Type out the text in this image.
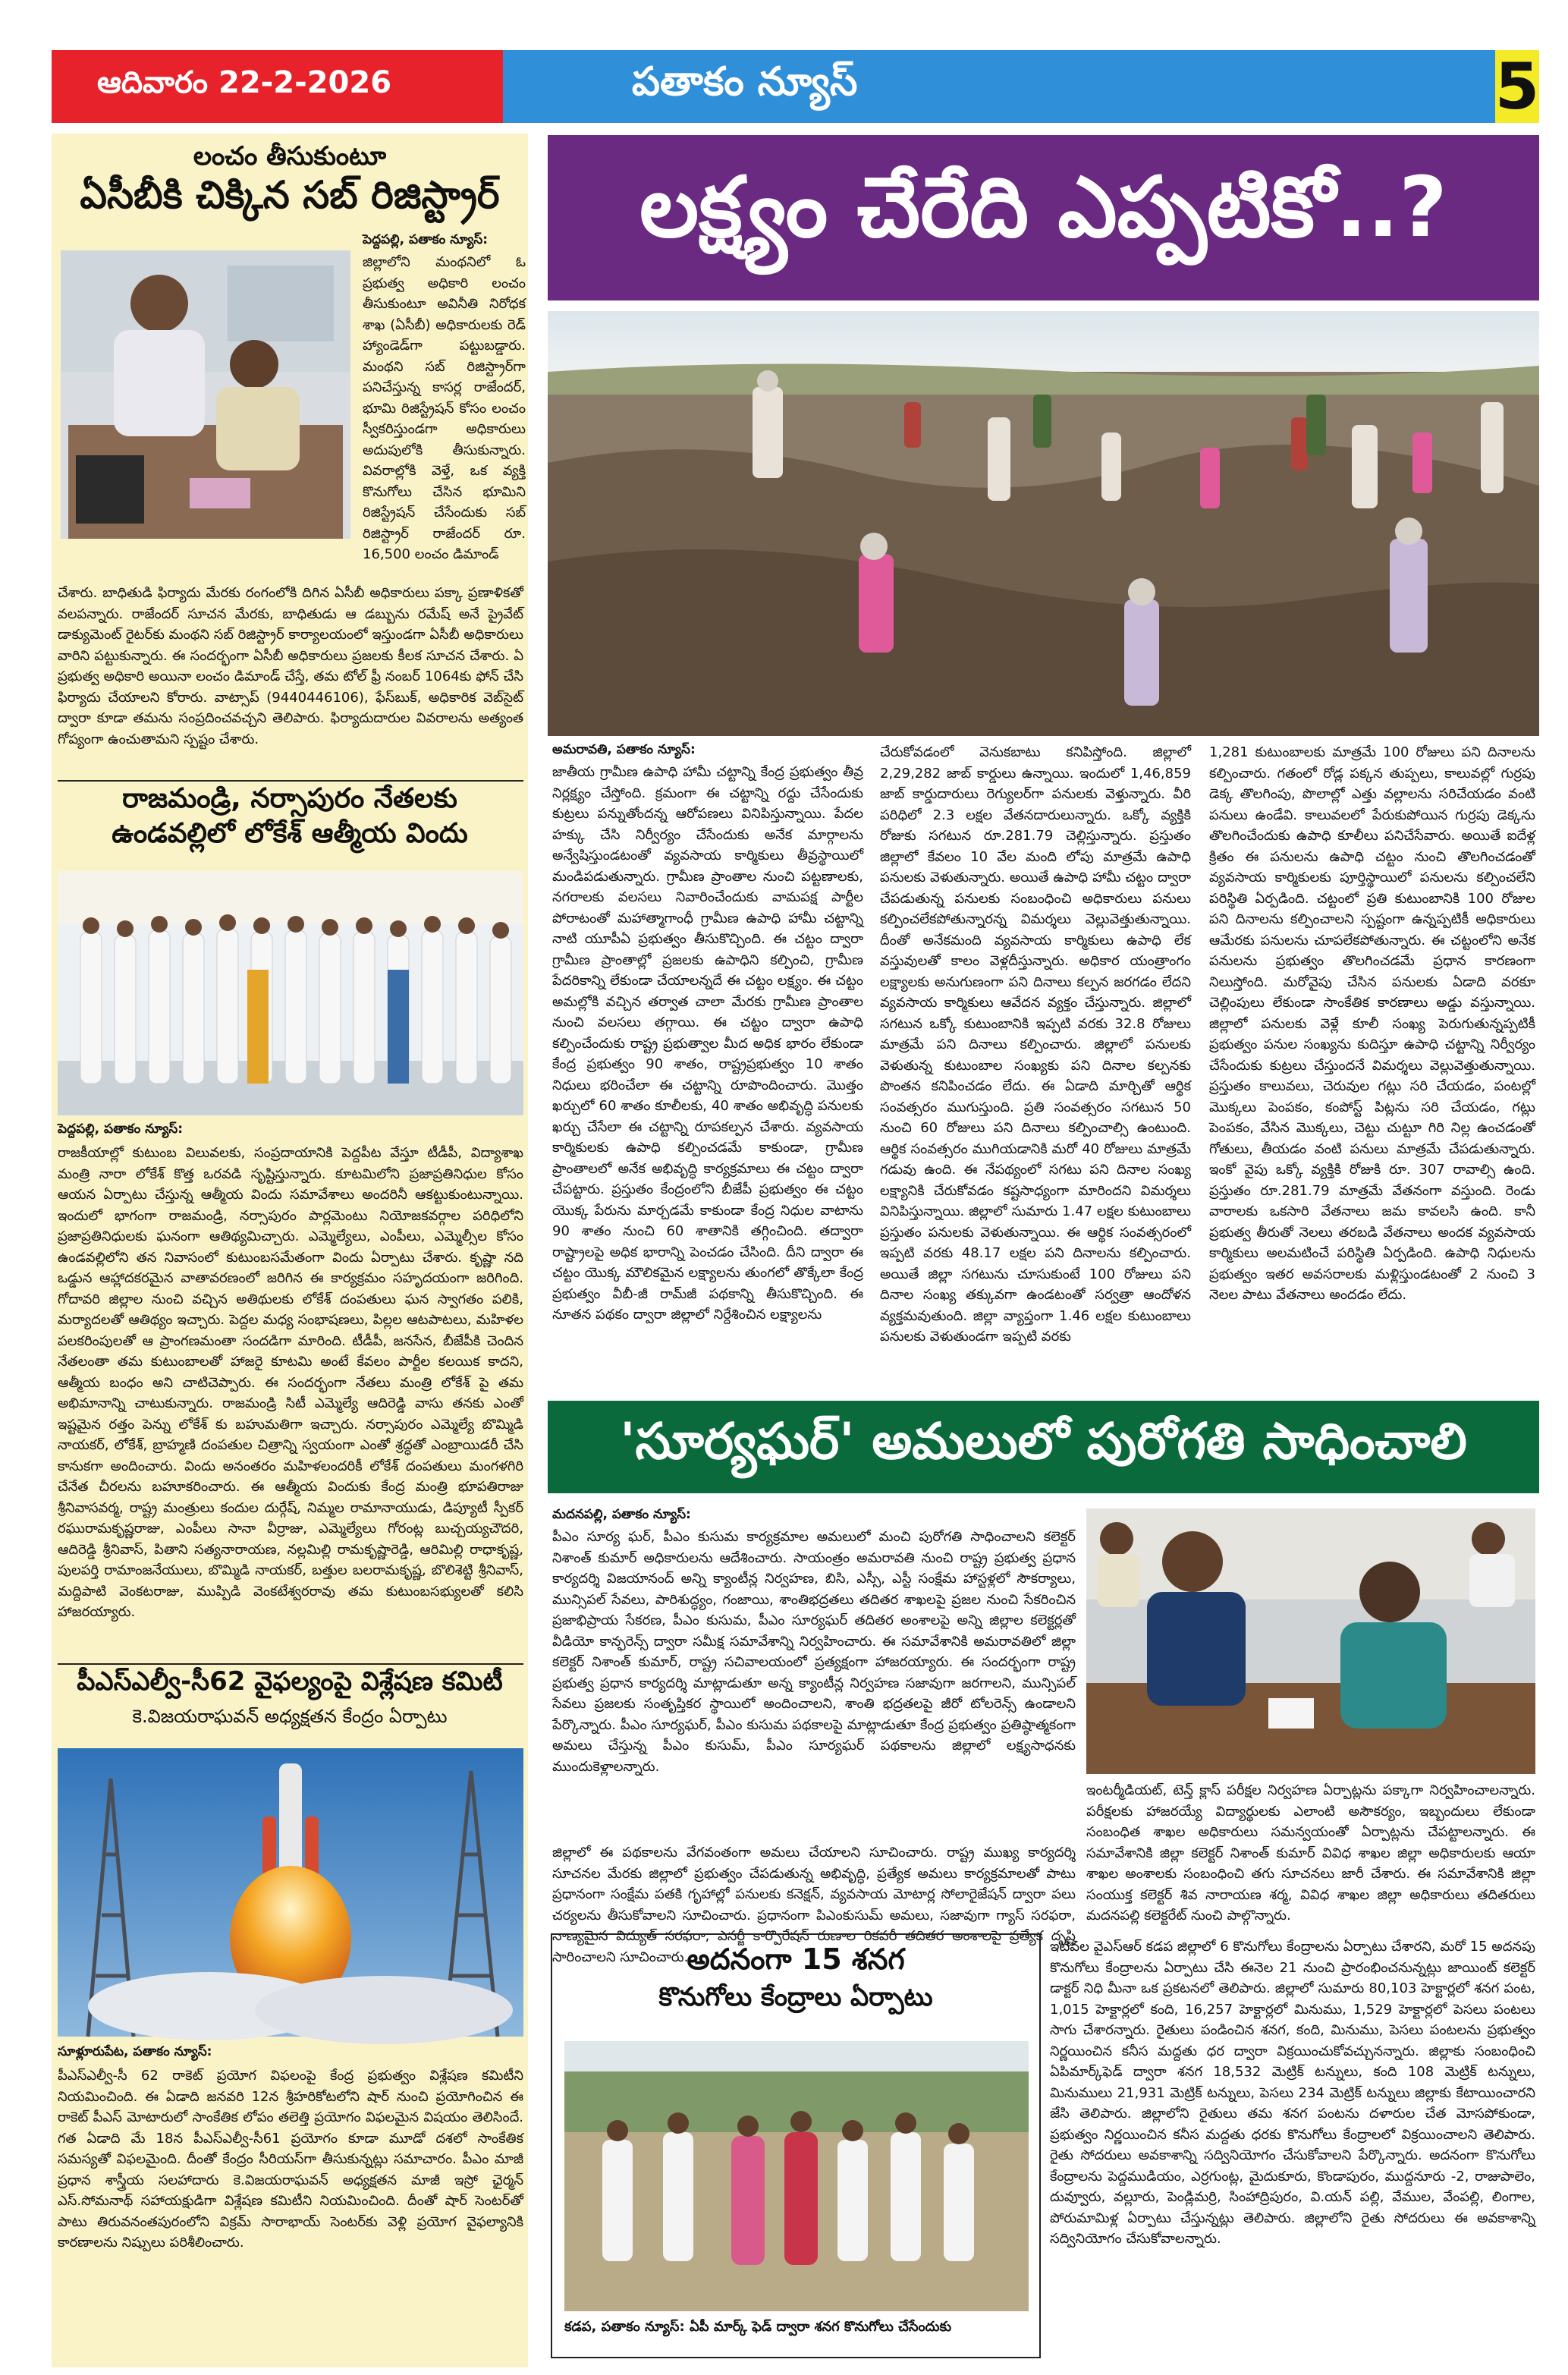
ఆదివారం 22-2-2026	పతాకం న్యూస్	5
లంచం తీసుకుంటూ
ఏసీబీకి చిక్కిన సబ్ రిజిస్ట్రార్
పెద్దపల్లి, పతాకం న్యూస్:
జిల్లాలోని మంథనిలో ఓ ప్రభుత్వ అధికారి లంచం తీసుకుంటూ అవినీతి నిరోధక శాఖ (ఏసీబీ) అధికారులకు రెడ్ హ్యాండెడ్‌గా పట్టుబడ్డారు. మంథని సబ్ రిజిస్ట్రార్‌గా పనిచేస్తున్న కాసర్ల రాజేందర్, భూమి రిజిస్ట్రేషన్ కోసం లంచం స్వీకరిస్తుండగా అధికారులు అదుపులోకి తీసుకున్నారు. వివరాల్లోకి వెళ్తే, ఒక వ్యక్తి కొనుగోలు చేసిన భూమిని రిజిస్ట్రేషన్ చేసేందుకు సబ్ రిజిస్ట్రార్ రాజేందర్ రూ. 16,500 లంచం డిమాండ్
చేశారు. బాధితుడి ఫిర్యాదు మేరకు రంగంలోకి దిగిన ఏసీబీ అధికారులు పక్కా ప్రణాళికతో వలపన్నారు. రాజేందర్ సూచన మేరకు, బాధితుడు ఆ డబ్బును రమేష్ అనే ప్రైవేట్ డాక్యుమెంట్ రైటర్‌కు మంథని సబ్ రిజిస్ట్రార్ కార్యాలయంలో ఇస్తుండగా ఏసీబీ అధికారులు వారిని పట్టుకున్నారు. ఈ సందర్భంగా ఏసీబీ అధికారులు ప్రజలకు కీలక సూచన చేశారు. ఏ ప్రభుత్వ అధికారి అయినా లంచం డిమాండ్ చేస్తే, తమ టోల్ ఫ్రీ నంబర్ 1064కు ఫోన్ చేసి ఫిర్యాదు చేయాలని కోరారు. వాట్సాప్ (9440446106), ఫేస్‌బుక్, అధికారిక వెబ్‌సైట్ ద్వారా కూడా తమను సంప్రదించవచ్చని తెలిపారు. ఫిర్యాదుదారుల వివరాలను అత్యంత గోప్యంగా ఉంచుతామని స్పష్టం చేశారు.
రాజమండ్రి, నర్సాపురం నేతలకు
ఉండవల్లిలో లోకేశ్ ఆత్మీయ విందు
పెద్దపల్లి, పతాకం న్యూస్:
రాజకీయాల్లో కుటుంబ విలువలకు, సంప్రదాయానికి పెద్దపీట వేస్తూ టీడీపీ, విద్యాశాఖ మంత్రి నారా లోకేశ్ కొత్త ఒరవడి సృష్టిస్తున్నారు. కూటమిలోని ప్రజాప్రతినిధుల కోసం ఆయన ఏర్పాటు చేస్తున్న ఆత్మీయ విందు సమావేశాలు అందరినీ ఆకట్టుకుంటున్నాయి. ఇందులో భాగంగా రాజమండ్రి, నర్సాపురం పార్లమెంటు నియోజకవర్గాల పరిధిలోని ప్రజాప్రతినిధులకు ఘనంగా ఆతిథ్యమిచ్చారు. ఎమ్మెల్యేలు, ఎంపీలు, ఎమ్మెల్సీల కోసం ఉండవల్లిలోని తన నివాసంలో కుటుంబసమేతంగా విందు ఏర్పాటు చేశారు. కృష్ణా నది ఒడ్డున ఆహ్లాదకరమైన వాతావరణంలో జరిగిన ఈ కార్యక్రమం సహృదయంగా జరిగింది. గోదావరి జిల్లాల నుంచి వచ్చిన అతిథులకు లోకేశ్ దంపతులు ఘన స్వాగతం పలికి, మర్యాదలతో ఆతిథ్యం ఇచ్చారు. పెద్దల మధ్య సంభాషణలు, పిల్లల ఆటపాటలు, మహిళల పలకరింపులతో ఆ ప్రాంగణమంతా సందడిగా మారింది. టీడీపీ, జనసేన, బీజేపీకి చెందిన నేతలంతా తమ కుటుంబాలతో హాజరై కూటమి అంటే కేవలం పార్టీల కలయిక కాదని, ఆత్మీయ బంధం అని చాటిచెప్పారు. ఈ సందర్భంగా నేతలు మంత్రి లోకేశ్ పై తమ అభిమానాన్ని చాటుకున్నారు. రాజమండ్రి సిటీ ఎమ్మెల్యే ఆదిరెడ్డి వాసు తనకు ఎంతో ఇష్టమైన రత్తం పెన్ను లోకేశ్ కు బహుమతిగా ఇచ్చారు. నర్సాపురం ఎమ్మెల్యే బొమ్మిడి నాయకర్, లోకేశ్, బ్రాహ్మణి దంపతుల చిత్రాన్ని స్వయంగా ఎంతో శ్రద్ధతో ఎంబ్రాయిడరీ చేసి కానుకగా అందించారు. విందు అనంతరం మహిళలందరికీ లోకేశ్ దంపతులు మంగళగిరి చేనేత చీరలను బహూకరించారు. ఈ ఆత్మీయ విందుకు కేంద్ర మంత్రి భూపతిరాజు శ్రీనివాసవర్మ, రాష్ట్ర మంత్రులు కందుల దుర్గేష్, నిమ్మల రామానాయుడు, డిప్యూటీ స్పీకర్ రఘురామకృష్ణరాజు, ఎంపీలు సానా వీర్రాజు, ఎమ్మెల్యేలు గోరంట్ల బుచ్చయ్యచౌదరి, ఆదిరెడ్డి శ్రీనివాస్, పితాని సత్యనారాయణ, నల్లమిల్లి రామకృష్ణారెడ్డి, ఆరిమిల్లి రాధాకృష్ణ, పులపర్తి రామాంజనేయులు, బొమ్మిడి నాయకర్, బత్తుల బలరామకృష్ణ, బొలిశెట్టి శ్రీనివాస్, మద్దిపాటి వెంకటరాజు, ముప్పిడి వెంకటేశ్వరరావు తమ కుటుంబసభ్యులతో కలిసి హాజరయ్యారు.
పీఎస్ఎల్వీ-సీ62 వైఫల్యంపై విశ్లేషణ కమిటీ
కె.విజయరాఘవన్ అధ్యక్షతన కేంద్రం ఏర్పాటు
సూళ్లూరుపేట, పతాకం న్యూస్:
పీఎస్ఎల్వీ-సీ 62 రాకెట్ ప్రయోగ విఫలంపై కేంద్ర ప్రభుత్వం విశ్లేషణ కమిటీని నియమించింది. ఈ ఏడాది జనవరి 12న శ్రీహరికోటలోని షార్ నుంచి ప్రయోగించిన ఈ రాకెట్ పీఎస్ మోటారులో సాంకేతిక లోపం తలెత్తి ప్రయోగం విఫలమైన విషయం తెలిసిందే. గత ఏడాది మే 18న పీఎస్ఎల్వీ-సీ61 ప్రయోగం కూడా మూడో దశలో సాంకేతిక సమస్యతో విఫలమైంది. దీంతో కేంద్రం సీరియస్‌గా తీసుకున్నట్లు సమాచారం. పీఎం మాజీ ప్రధాన శాస్త్రీయ సలహాదారు కె.విజయరాఘవన్ అధ్యక్షతన మాజీ ఇస్రో ఛైర్మన్ ఎస్.సోమనాథ్ సహాయక్షుడిగా విశ్లేషణ కమిటీని నియమించింది. దీంతో షార్ సెంటర్‌తో పాటు తిరువనంతపురంలోని విక్రమ్ సారాభాయ్ సెంటర్‌కు వెళ్లి ప్రయోగ వైఫల్యానికి కారణాలను నిష్పులు పరిశీలించారు.
లక్ష్యం చేరేది ఎప్పటికో..?
అమరావతి, పతాకం న్యూస్:
జాతీయ గ్రామీణ ఉపాధి హామీ చట్టాన్ని కేంద్ర ప్రభుత్వం తీవ్ర నిర్లక్ష్యం చేస్తోంది. క్రమంగా ఈ చట్టాన్ని రద్దు చేసేందుకు కుట్రలు పన్నుతోందన్న ఆరోపణలు వినిపిస్తున్నాయి. పేదల హక్కు చేసి నిర్వీర్యం చేసేందుకు అనేక మార్గాలను అన్వేషిస్తుండటంతో వ్యవసాయ కార్మికులు తీవ్రస్థాయిలో మండిపడుతున్నారు. గ్రామీణ ప్రాంతాల నుంచి పట్టణాలకు, నగరాలకు వలసలు నివారించేందుకు వామపక్ష పార్టీల పోరాటంతో మహాత్మాగాంధీ గ్రామీణ ఉపాధి హామీ చట్టాన్ని నాటి యూపీఏ ప్రభుత్వం తీసుకొచ్చింది. ఈ చట్టం ద్వారా గ్రామీణ ప్రాంతాల్లో ప్రజలకు ఉపాధిని కల్పించి, గ్రామీణ పేదరికాన్ని లేకుండా చేయాలన్నదే ఈ చట్టం లక్ష్యం. ఈ చట్టం అమల్లోకి వచ్చిన తర్వాత చాలా మేరకు గ్రామీణ ప్రాంతాల నుంచి వలసలు తగ్గాయి. ఈ చట్టం ద్వారా ఉపాధి కల్పించేందుకు రాష్ట్ర ప్రభుత్వాల మీద అధిక భారం లేకుండా కేంద్ర ప్రభుత్వం 90 శాతం, రాష్ట్రప్రభుత్వం 10 శాతం నిధులు భరించేలా ఈ చట్టాన్ని రూపొందించారు. మొత్తం ఖర్చులో 60 శాతం కూలీలకు, 40 శాతం అభివృద్ధి పనులకు ఖర్చు చేసేలా ఈ చట్టాన్ని రూపకల్పన చేశారు. వ్యవసాయ కార్మికులకు ఉపాధి కల్పించడమే కాకుండా, గ్రామీణ ప్రాంతాలలో అనేక అభివృద్ధి కార్యక్రమాలు ఈ చట్టం ద్వారా చేపట్టారు. ప్రస్తుతం కేంద్రంలోని బీజేపీ ప్రభుత్వం ఈ చట్టం యొక్క పేరును మార్చడమే కాకుండా కేంద్ర నిధుల వాటాను 90 శాతం నుంచి 60 శాతానికి తగ్గించింది. తద్వారా రాష్ట్రాలపై అధిక భారాన్ని పెంచడం చేసింది. దీని ద్వారా ఈ చట్టం యొక్క మౌలికమైన లక్ష్యాలను తుంగలో తొక్కేలా కేంద్ర ప్రభుత్వం వీబీ-జీ రామ్‌జీ పథకాన్ని తీసుకొచ్చింది. ఈ నూతన పథకం ద్వారా జిల్లాలో నిర్దేశించిన లక్ష్యాలను
చేరుకోవడంలో వెనుకబాటు కనిపిస్తోంది. జిల్లాలో 2,29,282 జాబ్ కార్డులు ఉన్నాయి. ఇందులో 1,46,859 జాబ్ కార్డుదారులు రెగ్యులర్‌గా పనులకు వెళ్తున్నారు. వీరి పరిధిలో 2.3 లక్షల వేతనదారులున్నారు. ఒక్కో వ్యక్తికి రోజుకు సగటున రూ.281.79 చెల్లిస్తున్నారు. ప్రస్తుతం జిల్లాలో కేవలం 10 వేల మంది లోపు మాత్రమే ఉపాధి పనులకు వెళుతున్నారు. అయితే ఉపాధి హామీ చట్టం ద్వారా చేపడుతున్న పనులకు సంబంధించి అధికారులు పనులు కల్పించలేకపోతున్నారన్న విమర్శలు వెల్లువెత్తుతున్నాయి. దీంతో అనేకమంది వ్యవసాయ కార్మికులు ఉపాధి లేక వస్తువులతో కాలం వెళ్లదీస్తున్నారు. అధికార యంత్రాంగం లక్ష్యాలకు అనుగుణంగా పని దినాలు కల్పన జరగడం లేదని వ్యవసాయ కార్మికులు ఆవేదన వ్యక్తం చేస్తున్నారు. జిల్లాలో సగటున ఒక్కో కుటుంబానికి ఇప్పటి వరకు 32.8 రోజులు మాత్రమే పని దినాలు కల్పించారు. జిల్లాలో పనులకు వెళుతున్న కుటుంబాల సంఖ్యకు పని దినాల కల్పనకు పొంతన కనిపించడం లేదు. ఈ ఏడాది మార్చితో ఆర్థిక సంవత్సరం ముగుస్తుంది. ప్రతి సంవత్సరం సగటున 50 నుంచి 60 రోజులు పని దినాలు కల్పించాల్సి ఉంటుంది. ఆర్థిక సంవత్సరం ముగియడానికి మరో 40 రోజులు మాత్రమే గడువు ఉంది. ఈ నేపథ్యంలో సగటు పని దినాల సంఖ్య లక్ష్యానికి చేరుకోవడం కష్టసాధ్యంగా మారిందని విమర్శలు వినిపిస్తున్నాయి. జిల్లాలో సుమారు 1.47 లక్షల కుటుంబాలు ప్రస్తుతం పనులకు వెళుతున్నాయి. ఈ ఆర్థిక సంవత్సరంలో ఇప్పటి వరకు 48.17 లక్షల పని దినాలను కల్పించారు. అయితే జిల్లా సగటును చూసుకుంటే 100 రోజులు పని దినాల సంఖ్య తక్కువగా ఉండటంతో సర్వత్రా ఆందోళన వ్యక్తమవుతుంది. జిల్లా వ్యాప్తంగా 1.46 లక్షల కుటుంబాలు పనులకు వెళుతుండగా ఇప్పటి వరకు
1,281 కుటుంబాలకు మాత్రమే 100 రోజులు పని దినాలను కల్పించారు. గతంలో రోడ్ల పక్కన తుప్పలు, కాలువల్లో గుర్రపు డెక్క తొలగింపు, పొలాల్లో ఎత్తు వల్లాలను సరిచేయడం వంటి పనులు ఉండేవి. కాలువలలో పేరుకుపోయిన గుర్రపు డెక్కను తొలగించేందుకు ఉపాధి కూలీలు పనిచేసేవారు. అయితే ఐదేళ్ల క్రితం ఈ పనులను ఉపాధి చట్టం నుంచి తొలగించడంతో వ్యవసాయ కార్మికులకు పూర్తిస్థాయిలో పనులను కల్పించలేని పరిస్థితి ఏర్పడింది. చట్టంలో ప్రతి కుటుంబానికి 100 రోజుల పని దినాలను కల్పించాలని స్పష్టంగా ఉన్నప్పటికీ అధికారులు ఆమేరకు పనులను చూపలేకపోతున్నారు. ఈ చట్టంలోని అనేక పనులను ప్రభుత్వం తొలగించడమే ప్రధాన కారణంగా నిలుస్తోంది. మరోవైపు చేసిన పనులకు ఏడాది వరకూ చెల్లింపులు లేకుండా సాంకేతిక కారణాలు అడ్డు వస్తున్నాయి. జిల్లాలో పనులకు వెళ్లే కూలీ సంఖ్య పెరుగుతున్నప్పటికీ ప్రభుత్వం పనుల సంఖ్యను కుదిస్తూ ఉపాధి చట్టాన్ని నిర్వీర్యం చేసేందుకు కుట్రలు చేస్తుందనే విమర్శలు వెల్లువెత్తుతున్నాయి. ప్రస్తుతం కాలువలు, చెరువుల గట్లు సరి చేయడం, పంటల్లో మొక్కలు పెంపకం, కంపోస్ట్ పిట్లను సరి చేయడం, గట్లు పెంపకం, వేసిన మొక్కలు, చెట్టు చుట్టూ గిరి నిల్ల ఉంచడంతో గోతులు, తీయడం వంటి పనులు మాత్రమే చేపడుతున్నారు. ఇంకో వైపు ఒక్కో వ్యక్తికి రోజుకి రూ. 307 రావాల్సి ఉంది. ప్రస్తుతం రూ.281.79 మాత్రమే వేతనంగా వస్తుంది. రెండు వారాలకు ఒకసారి వేతనాలు జమ కావలసి ఉంది. కానీ ప్రభుత్వ తీరుతో నెలలు తరబడి వేతనాలు అందక వ్యవసాయ కార్మికులు అలమటించే పరిస్థితి ఏర్పడింది. ఉపాధి నిధులను ప్రభుత్వం ఇతర అవసరాలకు మళ్లిస్తుండటంతో 2 నుంచి 3 నెలల పాటు వేతనాలు అందడం లేదు.
'సూర్యఘర్' అమలులో పురోగతి సాధించాలి
మదనపల్లి, పతాకం న్యూస్:
పీఎం సూర్య ఘర్, పీఎం కుసుమ కార్యక్రమాల అమలులో మంచి పురోగతి సాధించాలని కలెక్టర్ నిశాంత్ కుమార్ అధికారులను ఆదేశించారు. సాయంత్రం అమరావతి నుంచి రాష్ట్ర ప్రభుత్వ ప్రధాన కార్యదర్శి విజయానంద్ అన్ని క్యాంటీన్ల నిర్వహణ, బిసి, ఎస్సీ, ఎస్టీ సంక్షేమ హాస్టళ్లలో సౌకర్యాలు, మున్సిపల్ సేవలు, పారిశుద్ధ్యం, గంజాయి, శాంతిభద్రతలు తదితర శాఖలపై ప్రజల నుంచి సేకరించిన ప్రజాభిప్రాయ సేకరణ, పీఎం కుసుమ, పీఎం సూర్యఘర్ తదితర అంశాలపై అన్ని జిల్లాల కలెక్టర్లతో వీడియో కాన్ఫరెన్స్ ద్వారా సమీక్ష సమావేశాన్ని నిర్వహించారు. ఈ సమావేశానికి అమరావతిలో జిల్లా కలెక్టర్ నిశాంత్ కుమార్, రాష్ట్ర సచివాలయంలో ప్రత్యక్షంగా హాజరయ్యారు. ఈ సందర్భంగా రాష్ట్ర ప్రభుత్వ ప్రధాన కార్యదర్శి మాట్లాడుతూ అన్న క్యాంటీన్ల నిర్వహణ సజావుగా జరగాలని, మున్సిపల్ సేవలు ప్రజలకు సంతృప్తికర స్థాయిలో అందించాలని, శాంతి భద్రతలపై జీరో టోలరెన్స్ ఉండాలని పేర్కొన్నారు. పీఎం సూర్యఘర్, పీఎం కుసుమ పథకాలపై మాట్లాడుతూ కేంద్ర ప్రభుత్వం ప్రతిష్ఠాత్మకంగా అమలు చేస్తున్న పీఎం కుసుమ్, పీఎం సూర్యఘర్ పథకాలను జిల్లాలో లక్ష్యసాధనకు ముందుకెళ్లాలన్నారు.
జిల్లాలో ఈ పథకాలను వేగవంతంగా అమలు చేయాలని సూచించారు. రాష్ట్ర ముఖ్య కార్యదర్శి సూచనల మేరకు జిల్లాలో ప్రభుత్వం చేపడుతున్న అభివృద్ధి, ప్రత్యేక అమలు కార్యక్రమాలతో పాటు ప్రధానంగా సంక్షేమ పతకి గృహాల్లో పనులకు కనెక్షన్, వ్యవసాయ మోటార్ల సోలారైజేషన్ ద్వారా పలు చర్యలను తీసుకోవాలని సూచించారు. ప్రధానంగా పిఎంకుసుమ్ అమలు, సజావుగా గ్యాస్ సరఫరా, నాణ్యమైన విద్యుత్ సరఫరా, ఎనర్జీ కార్పొరేషన్ రుణాల రికవరీ తదితర అంశాలపై ప్రత్యేక దృష్టి సారించాలని సూచించారు.
ఇంటర్మీడియట్, టెన్త్ క్లాస్ పరీక్షల నిర్వహణ ఏర్పాట్లను పక్కాగా నిర్వహించాలన్నారు. పరీక్షలకు హాజరయ్యే విద్యార్థులకు ఎలాంటి అసౌకర్యం, ఇబ్బందులు లేకుండా సంబంధిత శాఖల అధికారులు సమన్వయంతో ఏర్పాట్లను చేపట్టాలన్నారు. ఈ సమావేశానికి జిల్లా కలెక్టర్ నిశాంత్ కుమార్ వివిధ శాఖల జిల్లా అధికారులకు ఆయా శాఖల అంశాలకు సంబంధించి తగు సూచనలు జారీ చేశారు. ఈ సమావేశానికి జిల్లా సంయుక్త కలెక్టర్ శివ నారాయణ శర్మ, వివిధ శాఖల జిల్లా అధికారులు తదితరులు మదనపల్లి కలెక్టరేట్ నుంచి పాల్గొన్నారు.
అదనంగా 15 శనగ
కొనుగోలు కేంద్రాలు ఏర్పాటు
కడప, పతాకం న్యూస్: ఏపీ మార్క్ ఫెడ్ ద్వారా శనగ కొనుగోలు చేసేందుకు
ఇటీవల వైఎస్ఆర్ కడప జిల్లాలో 6 కొనుగోలు కేంద్రాలను ఏర్పాటు చేశారని, మరో 15 అదనపు కొనుగోలు కేంద్రాలను ఏర్పాటు చేసి ఈనెల 21 నుంచి ప్రారంభించనున్నట్లు జాయింట్ కలెక్టర్ డాక్టర్ నిధి మీనా ఒక ప్రకటనలో తెలిపారు. జిల్లాలో సుమారు 80,103 హెక్టార్లలో శనగ పంట, 1,015 హెక్టార్లలో కంది, 16,257 హెక్టార్లలో మినుము, 1,529 హెక్టార్లలో పెసలు పంటలు సాగు చేశారన్నారు. రైతులు పండించిన శనగ, కంది, మినుము, పెసలు పంటలను ప్రభుత్వం నిర్ణయించిన కనీస మద్దతు ధర ద్వారా విక్రయించుకోవచ్చునన్నారు. జిల్లాకు సంబంధించి ఏపిమార్క్‌ఫెడ్ ద్వారా శనగ 18,532 మెట్రిక్ టన్నులు, కంది 108 మెట్రిక్ టన్నులు, మినుములు 21,931 మెట్రిక్ టన్నులు, పెసలు 234 మెట్రిక్ టన్నులు జిల్లాకు కేటాయించారని జేసి తెలిపారు. జిల్లాలోని రైతులు తమ శనగ పంటను దళారుల చేత మోసపోకుండా, ప్రభుత్వం నిర్ణయించిన కనీస మద్దతు ధరకు కొనుగోలు కేంద్రాలలో విక్రయించాలని తెలిపారు. రైతు సోదరులు అవకాశాన్ని సద్వినియోగం చేసుకోవాలని పేర్కొన్నారు. అదనంగా కొనుగోలు కేంద్రాలను పెద్దముడియం, ఎర్రగుంట్ల, మైదుకూరు, కొండాపురం, ముద్దనూరు -2, రాజుపాలెం, దువ్వూరు, వల్లూరు, పెండ్లిమర్రి, సింహాద్రిపురం, వి.యన్ పల్లి, వేముల, వేంపల్లి, లింగాల, పోరుమామిళ్ల ఏర్పాటు చేస్తున్నట్లు తెలిపారు. జిల్లాలోని రైతు సోదరులు ఈ అవకాశాన్ని సద్వినియోగం చేసుకోవాలన్నారు.
